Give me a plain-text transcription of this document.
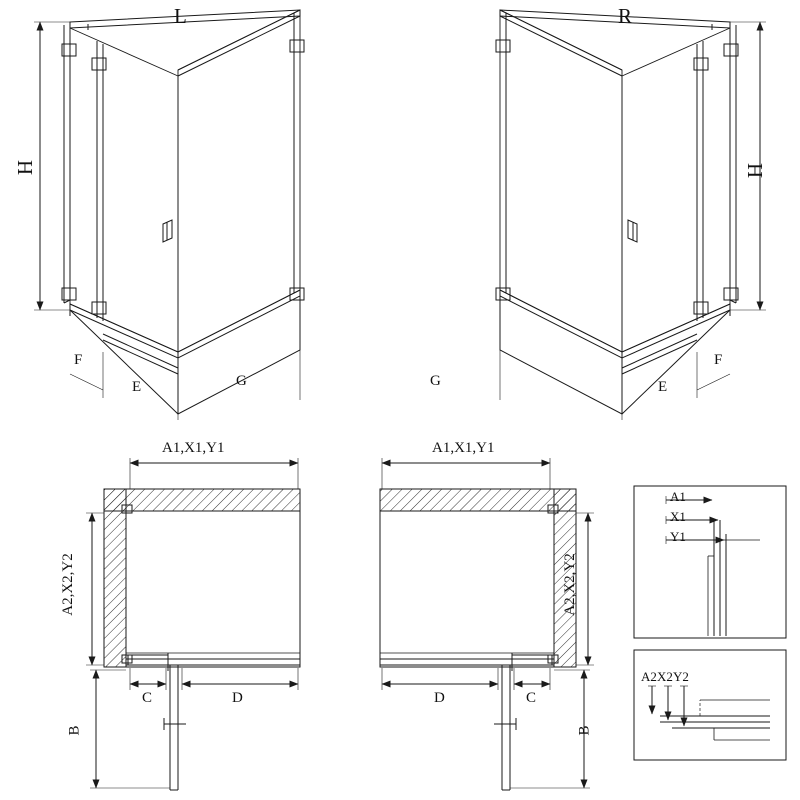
L	R
H	H
F
E	G	G	E
F
A1,X1,Y1
A2,X2,Y2
C	D
B
A1,X1,Y1
A2,X2,Y2
D	C
B
A1
X1
Y1
A2 X2 Y2
